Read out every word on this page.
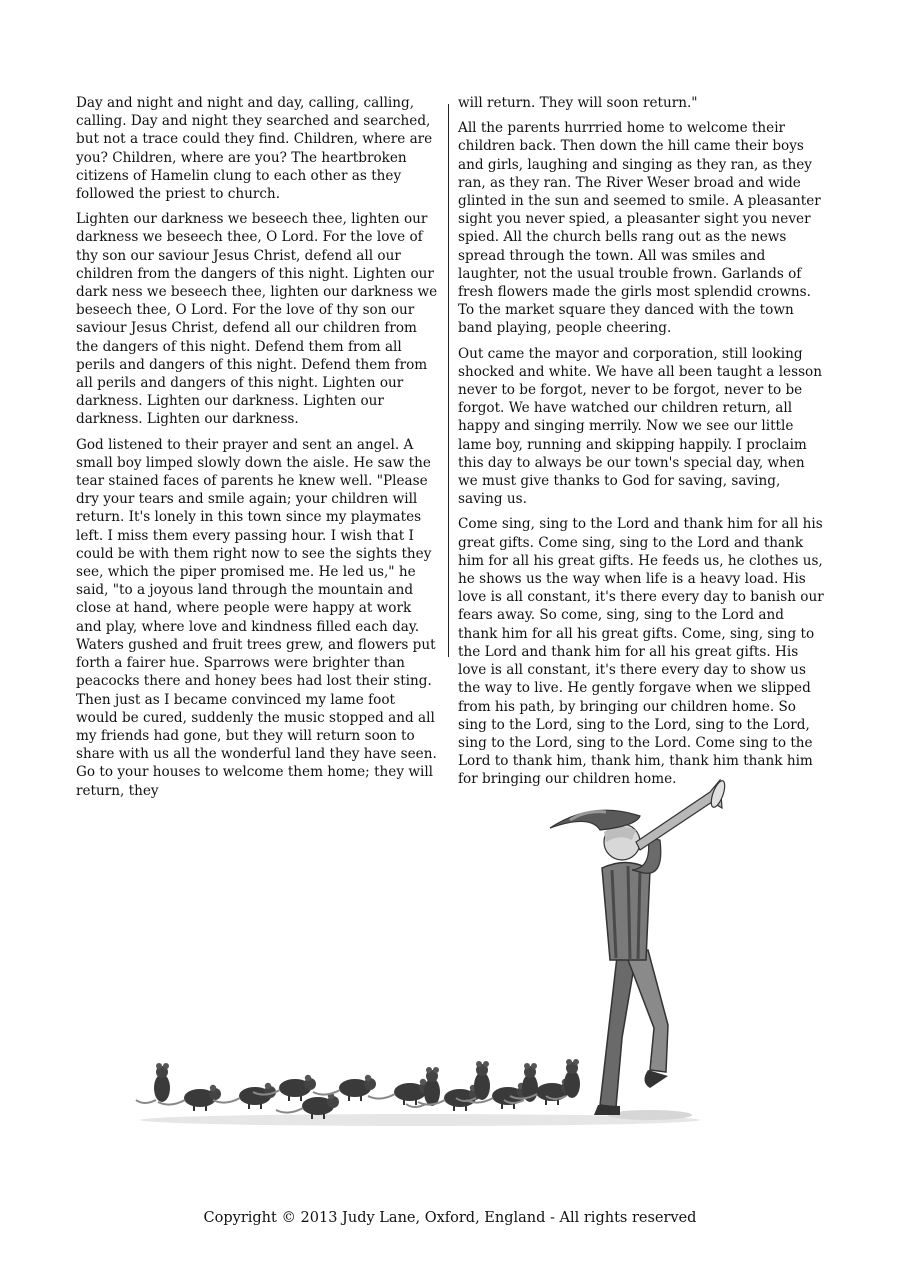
Day and night and night and day, calling, calling, calling. Day and night they searched and searched, but not a trace could they find. Children, where are you? Children, where are you? The heartbroken citizens of Hamelin clung to each other as they followed the priest to church.

Lighten our darkness we beseech thee, lighten our darkness we beseech thee, O Lord. For the love of thy son our saviour Jesus Christ, defend all our children from the dangers of this night. Lighten our dark ness we beseech thee, lighten our darkness we beseech thee, O Lord. For the love of thy son our saviour Jesus Christ, defend all our children from the dangers of this night. Defend them from all perils and dangers of this night. Defend them from all perils and dangers of this night. Lighten our darkness. Lighten our darkness. Lighten our darkness. Lighten our darkness.

God listened to their prayer and sent an angel. A small boy limped slowly down the aisle. He saw the tear stained faces of parents he knew well. "Please dry your tears and smile again; your children will return. It's lonely in this town since my playmates left. I miss them every passing hour. I wish that I could be with them right now to see the sights they see, which the piper promised me. He led us," he said, "to a joyous land through the mountain and close at hand, where people were happy at work and play, where love and kindness filled each day. Waters gushed and fruit trees grew, and flowers put forth a fairer hue. Sparrows were brighter than peacocks there and honey bees had lost their sting. Then just as I became convinced my lame foot would be cured, suddenly the music stopped and all my friends had gone, but they will return soon to share with us all the wonderful land they have seen. Go to your houses to welcome them home; they will return, they

will return. They will soon return."

All the parents hurrried home to welcome their children back. Then down the hill came their boys and girls, laughing and singing as they ran, as they ran, as they ran. The River Weser broad and wide glinted in the sun and seemed to smile. A pleasanter sight you never spied, a pleasanter sight you never spied. All the church bells rang out as the news spread through the town. All was smiles and laughter, not the usual trouble frown. Garlands of fresh flowers made the girls most splendid crowns. To the market square they danced with the town band playing, people cheering.

Out came the mayor and corporation, still looking shocked and white. We have all been taught a lesson never to be forgot, never to be forgot, never to be forgot. We have watched our children return, all happy and singing merrily. Now we see our little lame boy, running and skipping happily. I proclaim this day to always be our town's special day, when we must give thanks to God for saving, saving, saving us.

Come sing, sing to the Lord and thank him for all his great gifts. Come sing, sing to the Lord and thank him for all his great gifts. He feeds us, he clothes us, he shows us the way when life is a heavy load. His love is all constant, it's there every day to banish our fears away. So come, sing, sing to the Lord and thank him for all his great gifts. Come, sing, sing to the Lord and thank him for all his great gifts. His love is all constant, it's there every day to show us the way to live. He gently forgave when we slipped from his path, by bringing our children home. So sing to the Lord, sing to the Lord, sing to the Lord, sing to the Lord, sing to the Lord. Come sing to the Lord to thank him, thank him, thank him thank him for bringing our children home.

Copyright © 2013 Judy Lane, Oxford, England - All rights reserved
